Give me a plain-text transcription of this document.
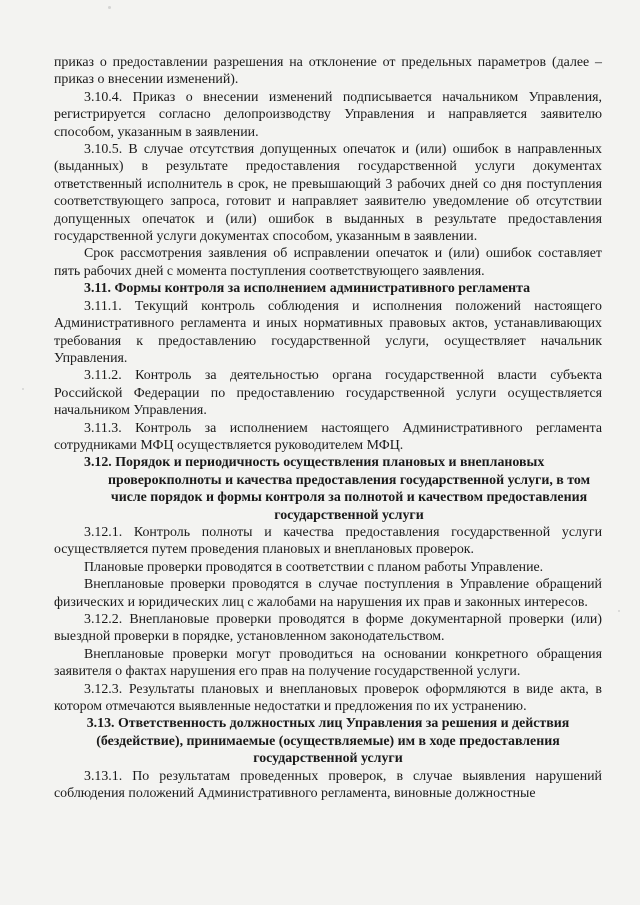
приказ о предоставлении разрешения на отклонение от предельных параметров (далее – приказ о внесении изменений).

3.10.4. Приказ о внесении изменений подписывается начальником Управления, регистрируется согласно делопроизводству Управления и направляется заявителю способом, указанным в заявлении.

3.10.5. В случае отсутствия допущенных опечаток и (или) ошибок в направленных (выданных) в результате предоставления государственной услуги документах ответственный исполнитель в срок, не превышающий 3 рабочих дней со дня поступления соответствующего запроса, готовит и направляет заявителю уведомление об отсутствии допущенных опечаток и (или) ошибок в выданных в результате предоставления государственной услуги документах способом, указанным в заявлении.

Срок рассмотрения заявления об исправлении опечаток и (или) ошибок составляет пять рабочих дней с момента поступления соответствующего заявления.

3.11. Формы контроля за исполнением административного регламента

3.11.1. Текущий контроль соблюдения и исполнения положений настоящего Административного регламента и иных нормативных правовых актов, устанавливающих требования к предоставлению государственной услуги, осуществляет начальник Управления.

3.11.2. Контроль за деятельностью органа государственной власти субъекта Российской Федерации по предоставлению государственной услуги осуществляется начальником Управления.

3.11.3. Контроль за исполнением настоящего Административного регламента сотрудниками МФЦ осуществляется руководителем МФЦ.

3.12. Порядок и периодичность осуществления плановых и внеплановых

проверокполноты и качества предоставления государственной услуги, в том числе порядок и формы контроля за полнотой и качеством предоставления государственной услуги

3.12.1. Контроль полноты и качества предоставления государственной услуги осуществляется путем проведения плановых и внеплановых проверок.

Плановые проверки проводятся в соответствии с планом работы Управление.

Внеплановые проверки проводятся в случае поступления в Управление обращений физических и юридических лиц с жалобами на нарушения их прав и законных интересов.

3.12.2. Внеплановые проверки проводятся в форме документарной проверки (или) выездной проверки в порядке, установленном законодательством.

Внеплановые проверки могут проводиться на основании конкретного обращения заявителя о фактах нарушения его прав на получение государственной услуги.

3.12.3. Результаты плановых и внеплановых проверок оформляются в виде акта, в котором отмечаются выявленные недостатки и предложения по их устранению.

3.13. Ответственность должностных лиц Управления за решения и действия (бездействие), принимаемые (осуществляемые) им в ходе предоставления государственной услуги

3.13.1. По результатам проведенных проверок, в случае выявления нарушений соблюдения положений Административного регламента, виновные должностные
